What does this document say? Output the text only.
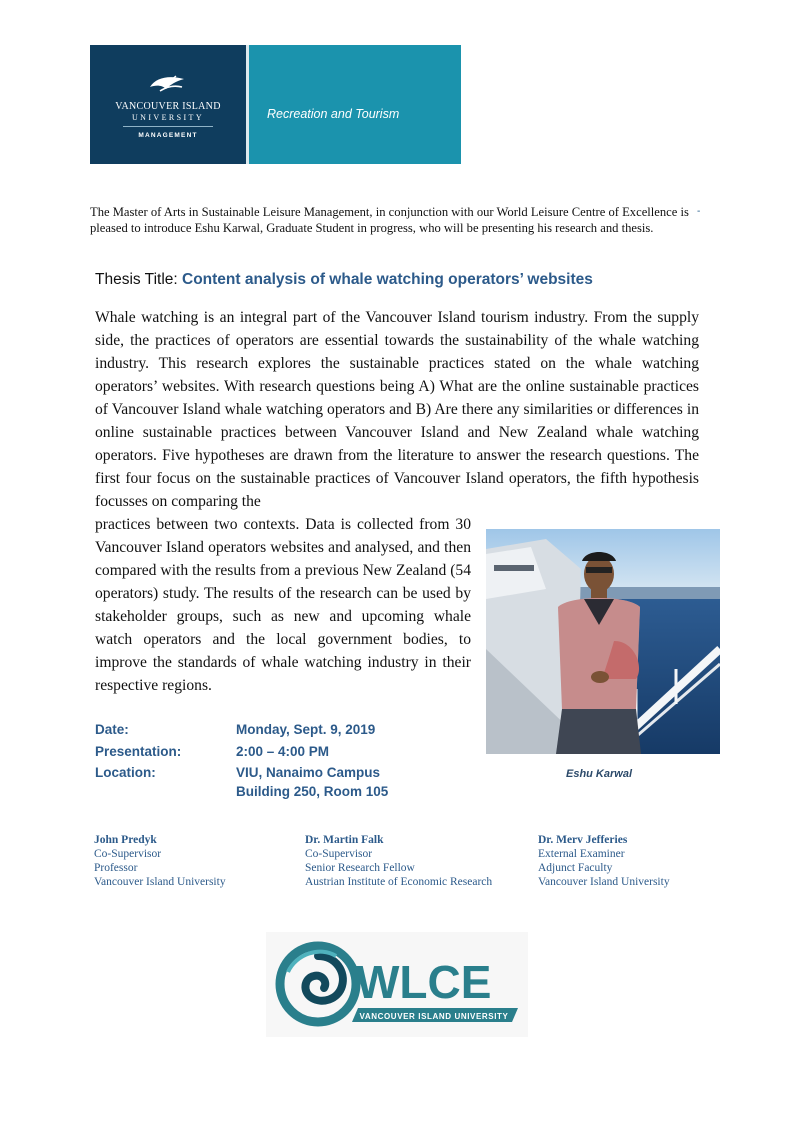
VANCOUVER ISLAND
UNIVERSITY
MANAGEMENT
Recreation and Tourism
The Master of Arts in Sustainable Leisure Management, in conjunction with our World Leisure Centre of Excellence is pleased to introduce Eshu Karwal, Graduate Student in progress, who will be presenting his research and thesis.
-
Thesis Title: Content analysis of whale watching operators’ websites
Whale watching is an integral part of the Vancouver Island tourism industry. From the supply side, the practices of operators are essential towards the sustainability of the whale watching industry. This research explores the sustainable practices stated on the whale watching operators’ websites. With research questions being A) What are the online sustainable practices of Vancouver Island whale watching operators and B) Are there any similarities or differences in online sustainable practices between Vancouver Island and New Zealand whale watching operators. Five hypotheses are drawn from the literature to answer the research questions. The first four focus on the sustainable practices of Vancouver Island operators, the fifth hypothesis focusses on comparing the
practices between two contexts. Data is collected from 30 Vancouver Island operators websites and analysed, and then compared with the results from a previous New Zealand (54 operators) study. The results of the research can be used by stakeholder groups, such as new and upcoming whale watch operators and the local government bodies, to improve the standards of whale watching industry in their respective regions.
Eshu Karwal
Date:	Monday, Sept. 9, 2019
Presentation:	2:00 – 4:00 PM
Location:	VIU, Nanaimo Campus
Building 250, Room 105
John Predyk
Co-Supervisor
Professor
Vancouver Island University
Dr. Martin Falk
Co-Supervisor
Senior Research Fellow
Austrian Institute of Economic Research
Dr. Merv Jefferies
External Examiner
Adjunct Faculty
Vancouver Island University
WLCE
VANCOUVER ISLAND UNIVERSITY
